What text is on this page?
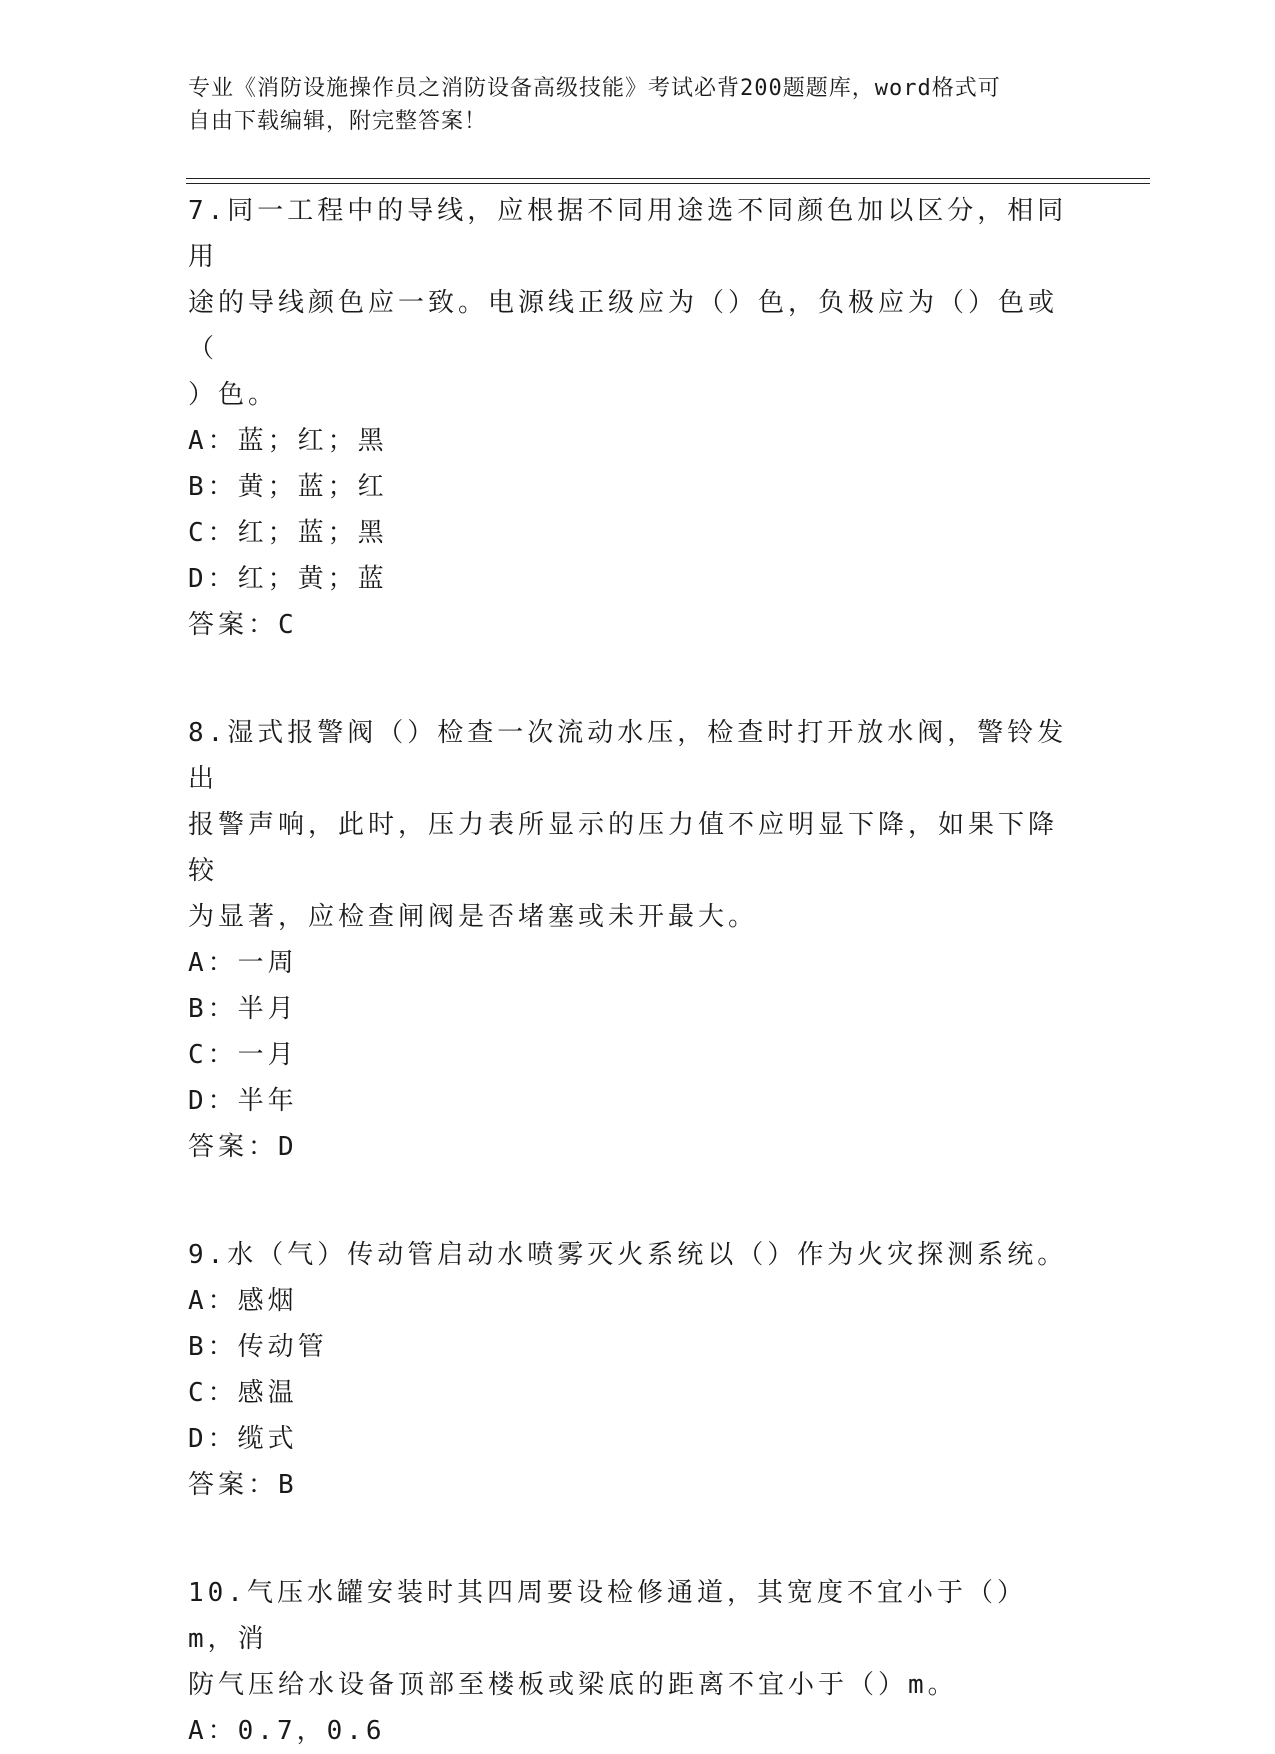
专业《消防设施操作员之消防设备高级技能》考试必背200题题库，word格式可
自由下载编辑，附完整答案！

7.同一工程中的导线，应根据不同用途选不同颜色加以区分，相同用

途的导线颜色应一致。电源线正级应为（）色，负极应为（）色或（

）色。

A：蓝；红；黑

B：黄；蓝；红

C：红；蓝；黑

D：红；黄；蓝

答案：C

8.湿式报警阀（）检查一次流动水压，检查时打开放水阀，警铃发出

报警声响，此时，压力表所显示的压力值不应明显下降，如果下降较

为显著，应检查闸阀是否堵塞或未开最大。

A：一周

B：半月

C：一月

D：半年

答案：D

9.水（气）传动管启动水喷雾灭火系统以（）作为火灾探测系统。

A：感烟

B：传动管

C：感温

D：缆式

答案：B

10.气压水罐安装时其四周要设检修通道，其宽度不宜小于（）m，消

防气压给水设备顶部至楼板或梁底的距离不宜小于（）m。

A：0.7，0.6
